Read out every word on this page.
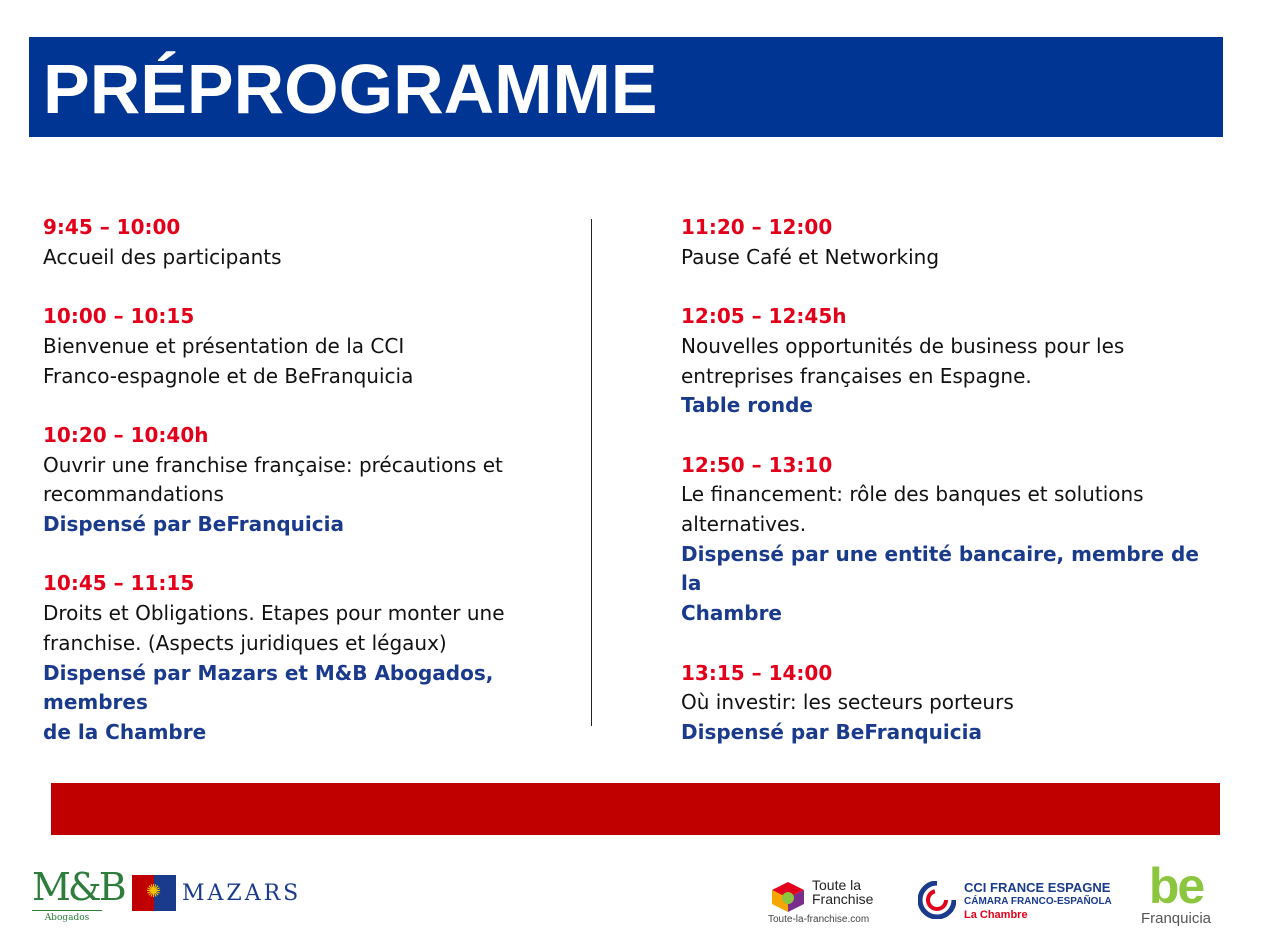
PRÉPROGRAMME
9:45 – 10:00
Accueil des participants
10:00 – 10:15
Bienvenue et présentation de la CCI
Franco-espagnole et de BeFranquicia
10:20 – 10:40h
Ouvrir une franchise française: précautions et
recommandations
Dispensé par BeFranquicia
10:45 – 11:15
Droits et Obligations. Etapes pour monter une
franchise. (Aspects juridiques et légaux)
Dispensé par Mazars et M&B Abogados, membres
de la Chambre
11:20 – 12:00
Pause Café et Networking
12:05 – 12:45h
Nouvelles opportunités de business pour les
entreprises françaises en Espagne.
Table ronde
12:50 – 13:10
Le financement: rôle des banques et solutions
alternatives.
Dispensé par une entité bancaire, membre de la
Chambre
13:15 – 14:00
Où investir: les secteurs porteurs
Dispensé par BeFranquicia
M&B
Abogados
✺ MAZARS	Toute la
Franchise
Toute-la-franchise.com
CCI FRANCE ESPAGNE
CÁMARA FRANCO-ESPAÑOLA
La Chambre
be
Franquicia
